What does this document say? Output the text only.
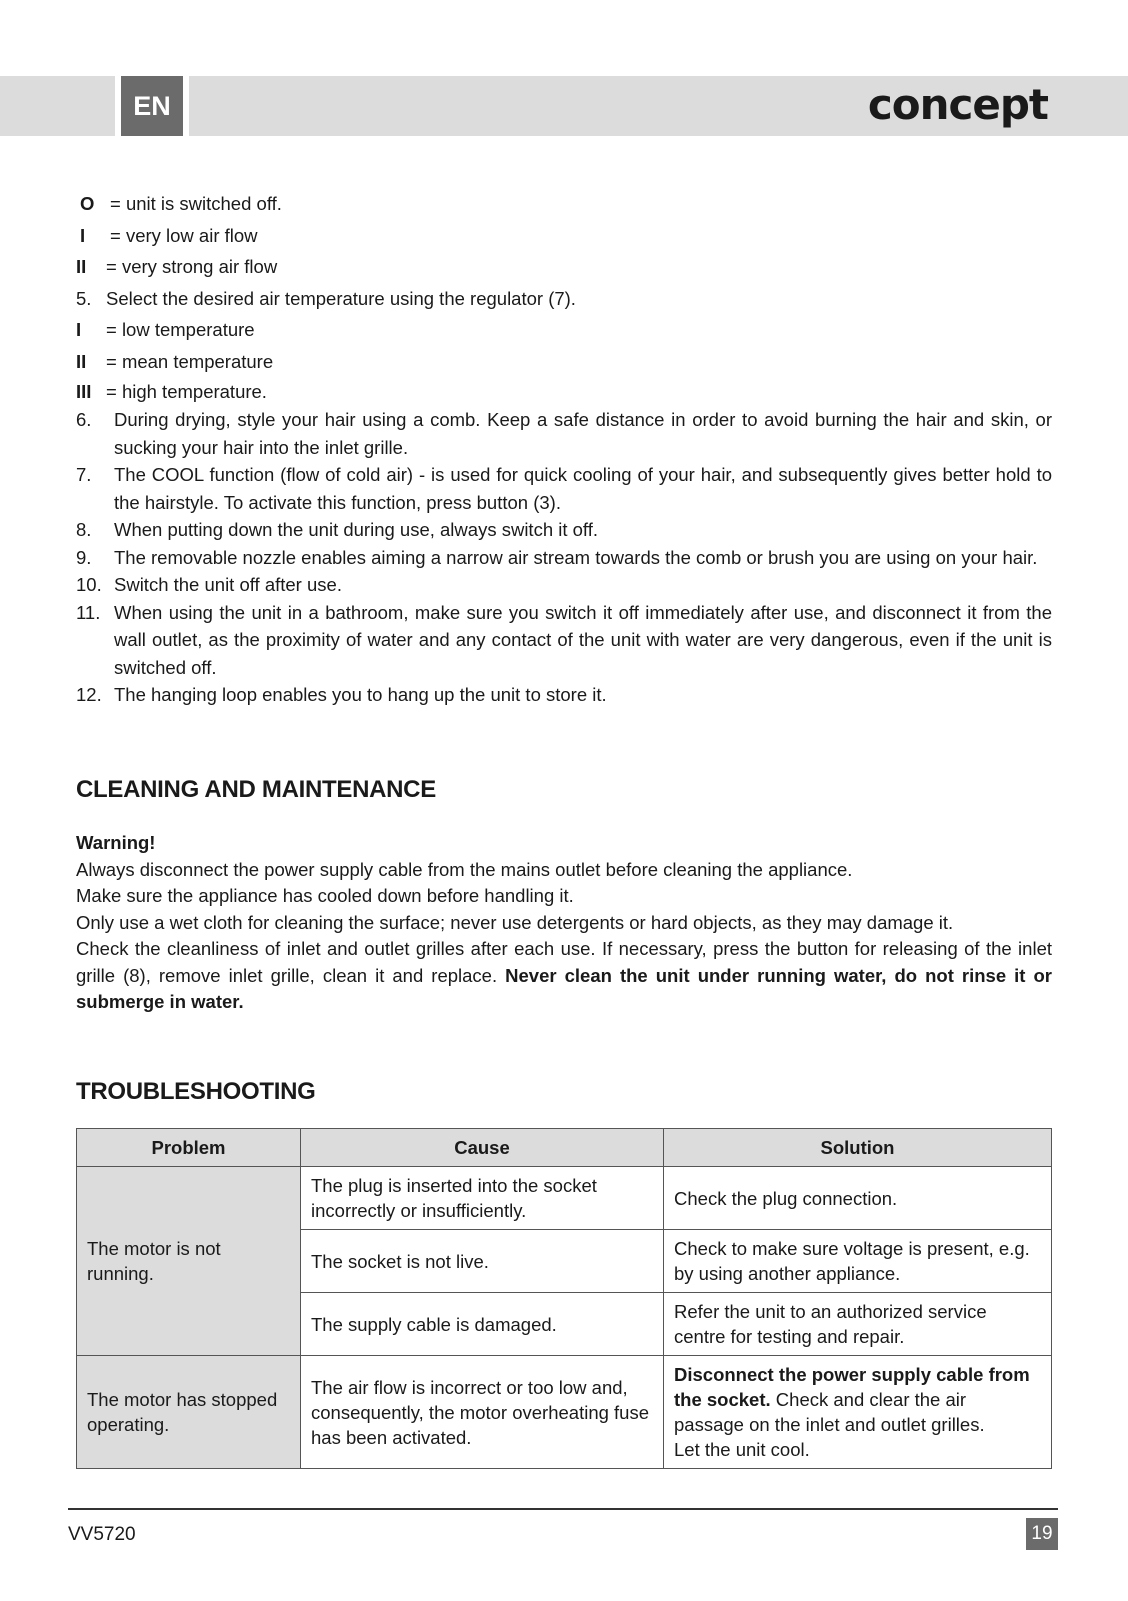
EN	concept
O = unit is switched off.
I	= very low air flow
II	= very strong air flow
5. Select the desired air temperature using the regulator (7).
I	= low temperature
II	= mean temperature
III = high temperature.
6.	During drying, style your hair using a comb. Keep a safe distance in order to avoid burning the hair and skin, or sucking your hair into the inlet grille.
7.	The COOL function (flow of cold air) - is used for quick cooling of your hair, and subsequently gives better hold to the hairstyle. To activate this function, press button (3).
8.	When putting down the unit during use, always switch it off.
9.	The removable nozzle enables aiming a narrow air stream towards the comb or brush you are using on your hair.
10. Switch the unit off after use.
11. When using the unit in a bathroom, make sure you switch it off immediately after use, and disconnect it from the wall outlet, as the proximity of water and any contact of the unit with water are very dangerous, even if the unit is switched off.
12. The hanging loop enables you to hang up the unit to store it.
CLEANING AND MAINTENANCE

Warning!

Always disconnect the power supply cable from the mains outlet before cleaning the appliance.

Make sure the appliance has cooled down before handling it.

Only use a wet cloth for cleaning the surface; never use detergents or hard objects, as they may damage it.

Check the cleanliness of inlet and outlet grilles after each use. If necessary, press the button for releasing of the inlet grille (8), remove inlet grille, clean it and replace. Never clean the unit under running water, do not rinse it or submerge in water.

TROUBLESHOOTING
Problem	Cause	Solution
The motor is not running.	The plug is inserted into the socket incorrectly or insufficiently.	Check the plug connection.
	The socket is not live.	Check to make sure voltage is present, e.g. by using another appliance.
	The supply cable is damaged.	Refer the unit to an authorized service centre for testing and repair.
The motor has stopped operating.	The air flow is incorrect or too low and, consequently, the motor overheating fuse has been activated.	Disconnect the power supply cable from the socket. Check and clear the air passage on the inlet and outlet grilles.
Let the unit cool.
VV5720	19
